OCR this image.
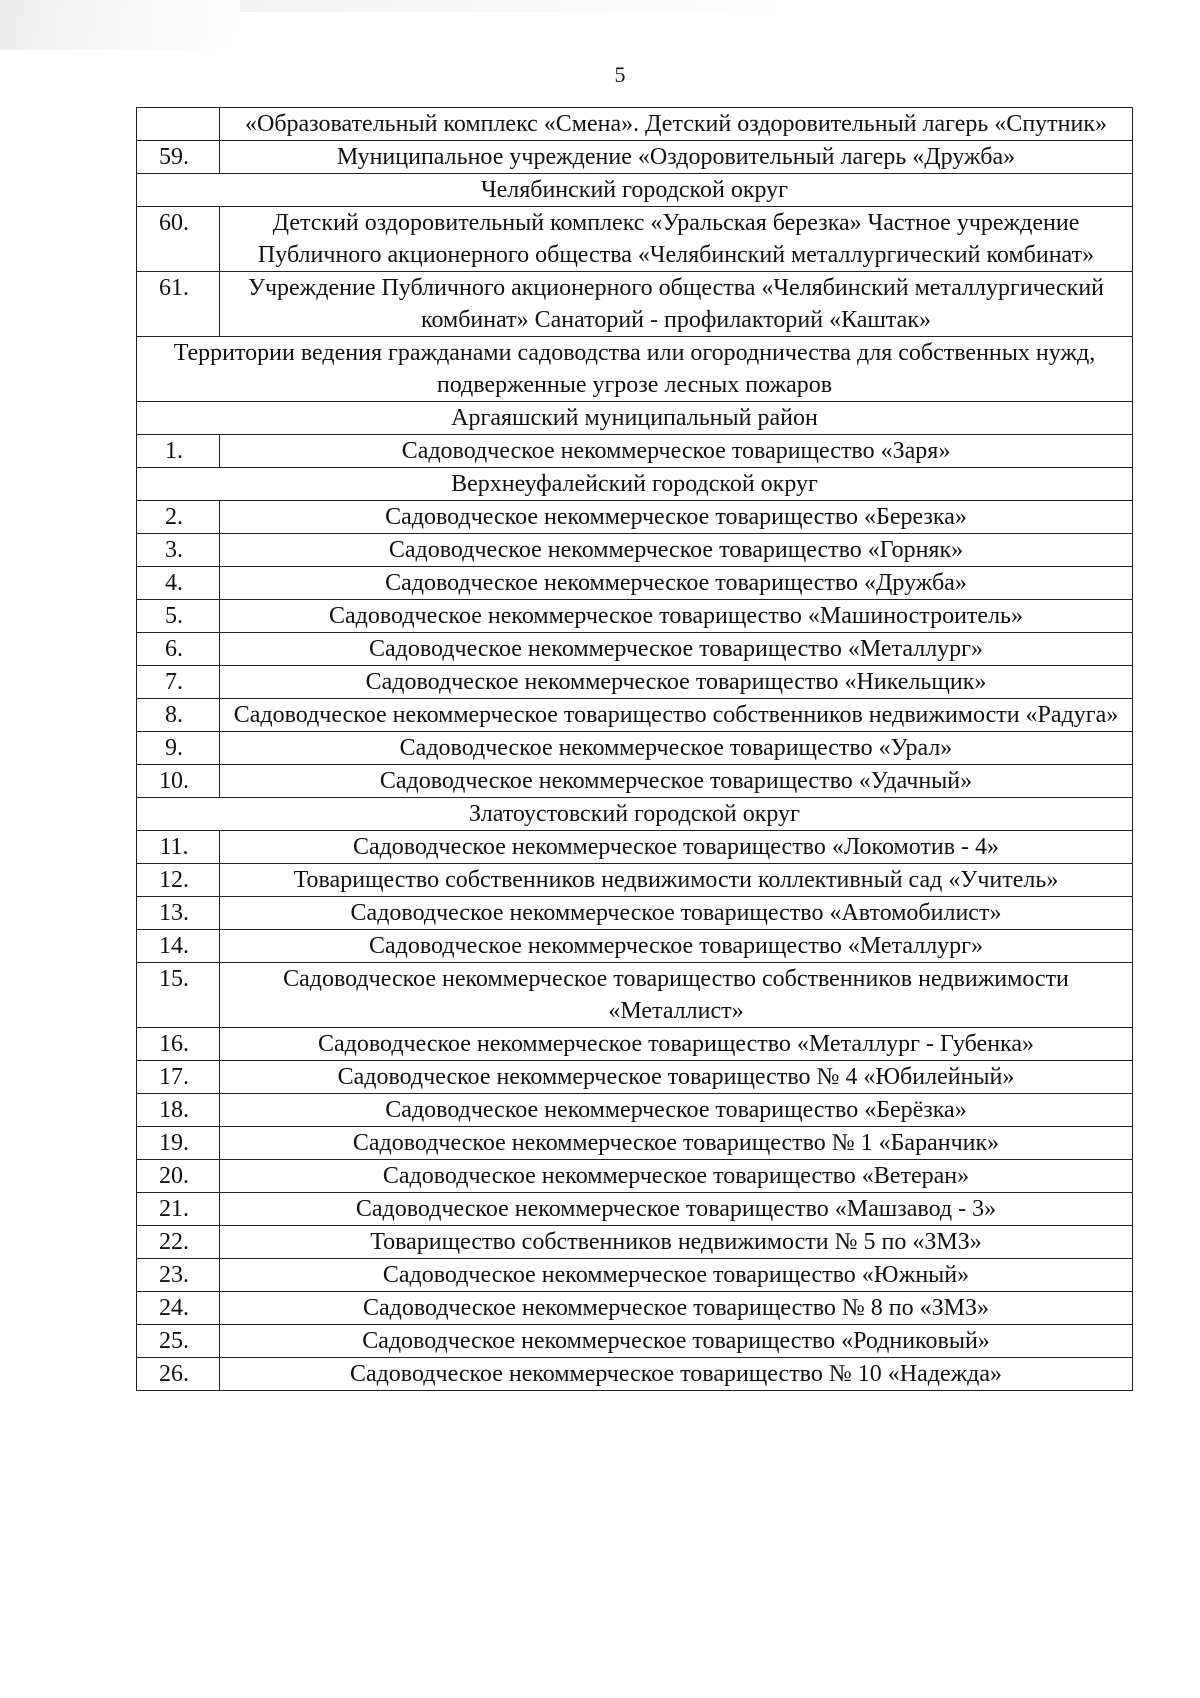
5
	«Образовательный комплекс «Смена». Детский оздоровительный лагерь «Спутник»
59.	Муниципальное учреждение «Оздоровительный лагерь «Дружба»
Челябинский городской округ	
60.	Детский оздоровительный комплекс «Уральская березка» Частное учреждение Публичного акционерного общества «Челябинский металлургический комбинат»
61.	Учреждение Публичного акционерного общества «Челябинский металлургический комбинат» Санаторий - профилакторий «Каштак»
Территории ведения гражданами садоводства или огородничества для собственных нужд, подверженные угрозе лесных пожаров	
Аргаяшский муниципальный район	
1.	Садоводческое некоммерческое товарищество «Заря»
Верхнеуфалейский городской округ	
2.	Садоводческое некоммерческое товарищество «Березка»
3.	Садоводческое некоммерческое товарищество «Горняк»
4.	Садоводческое некоммерческое товарищество «Дружба»
5.	Садоводческое некоммерческое товарищество «Машиностроитель»
6.	Садоводческое некоммерческое товарищество «Металлург»
7.	Садоводческое некоммерческое товарищество «Никельщик»
8.	Садоводческое некоммерческое товарищество собственников недвижимости «Радуга»
9.	Садоводческое некоммерческое товарищество «Урал»
10.	Садоводческое некоммерческое товарищество «Удачный»
Златоустовский городской округ	
11.	Садоводческое некоммерческое товарищество «Локомотив - 4»
12.	Товарищество собственников недвижимости коллективный сад «Учитель»
13.	Садоводческое некоммерческое товарищество «Автомобилист»
14.	Садоводческое некоммерческое товарищество «Металлург»
15.	Садоводческое некоммерческое товарищество собственников недвижимости «Металлист»
16.	Садоводческое некоммерческое товарищество «Металлург - Губенка»
17.	Садоводческое некоммерческое товарищество № 4 «Юбилейный»
18.	Садоводческое некоммерческое товарищество «Берёзка»
19.	Садоводческое некоммерческое товарищество № 1 «Баранчик»
20.	Садоводческое некоммерческое товарищество «Ветеран»
21.	Садоводческое некоммерческое товарищество «Машзавод - 3»
22.	Товарищество собственников недвижимости № 5 по «ЗМЗ»
23.	Садоводческое некоммерческое товарищество «Южный»
24.	Садоводческое некоммерческое товарищество № 8 по «ЗМЗ»
25.	Садоводческое некоммерческое товарищество «Родниковый»
26.	Садоводческое некоммерческое товарищество № 10 «Надежда»
